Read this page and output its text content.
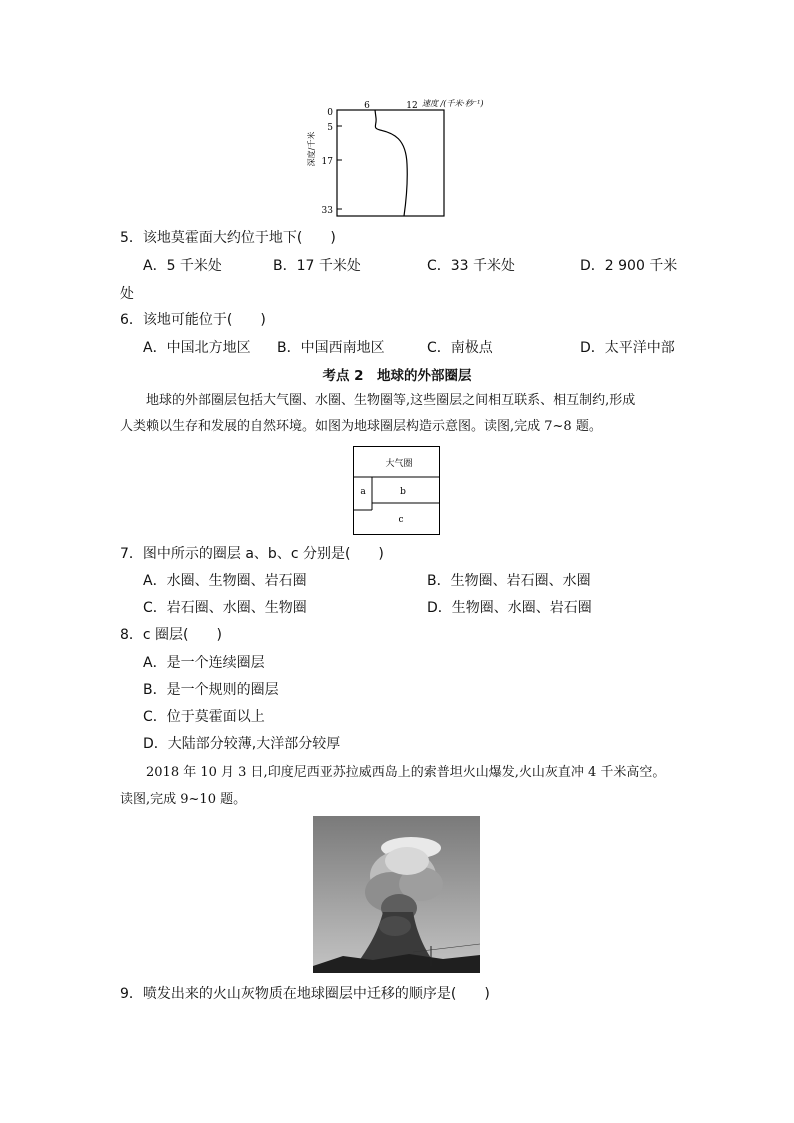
6	12 速度 /(千米·秒⁻¹)
0
5
17
33
深度/千米
5．该地莫霍面大约位于地下(　　)
A．5 千米处	B．17 千米处	C．33 千米处	D．2 900 千米
处
6．该地可能位于(　　)
A．中国北方地区 B．中国西南地区	C．南极点	D．太平洋中部
考点 2　地球的外部圈层
地球的外部圈层包括大气圈、水圈、生物圈等,这些圈层之间相互联系、相互制约,形成
人类赖以生存和发展的自然环境。如图为地球圈层构造示意图。读图,完成 7~8 题。
大气圈
a	b
c
7．图中所示的圈层 a、b、c 分别是(　　)
A．水圈、生物圈、岩石圈	B．生物圈、岩石圈、水圈
C．岩石圈、水圈、生物圈	D．生物圈、水圈、岩石圈
8．c 圈层(　　)
A．是一个连续圈层
B．是一个规则的圈层
C．位于莫霍面以上
D．大陆部分较薄,大洋部分较厚
2018 年 10 月 3 日,印度尼西亚苏拉威西岛上的索普坦火山爆发,火山灰直冲 4 千米高空。
读图,完成 9~10 题。
9．喷发出来的火山灰物质在地球圈层中迁移的顺序是(　　)
